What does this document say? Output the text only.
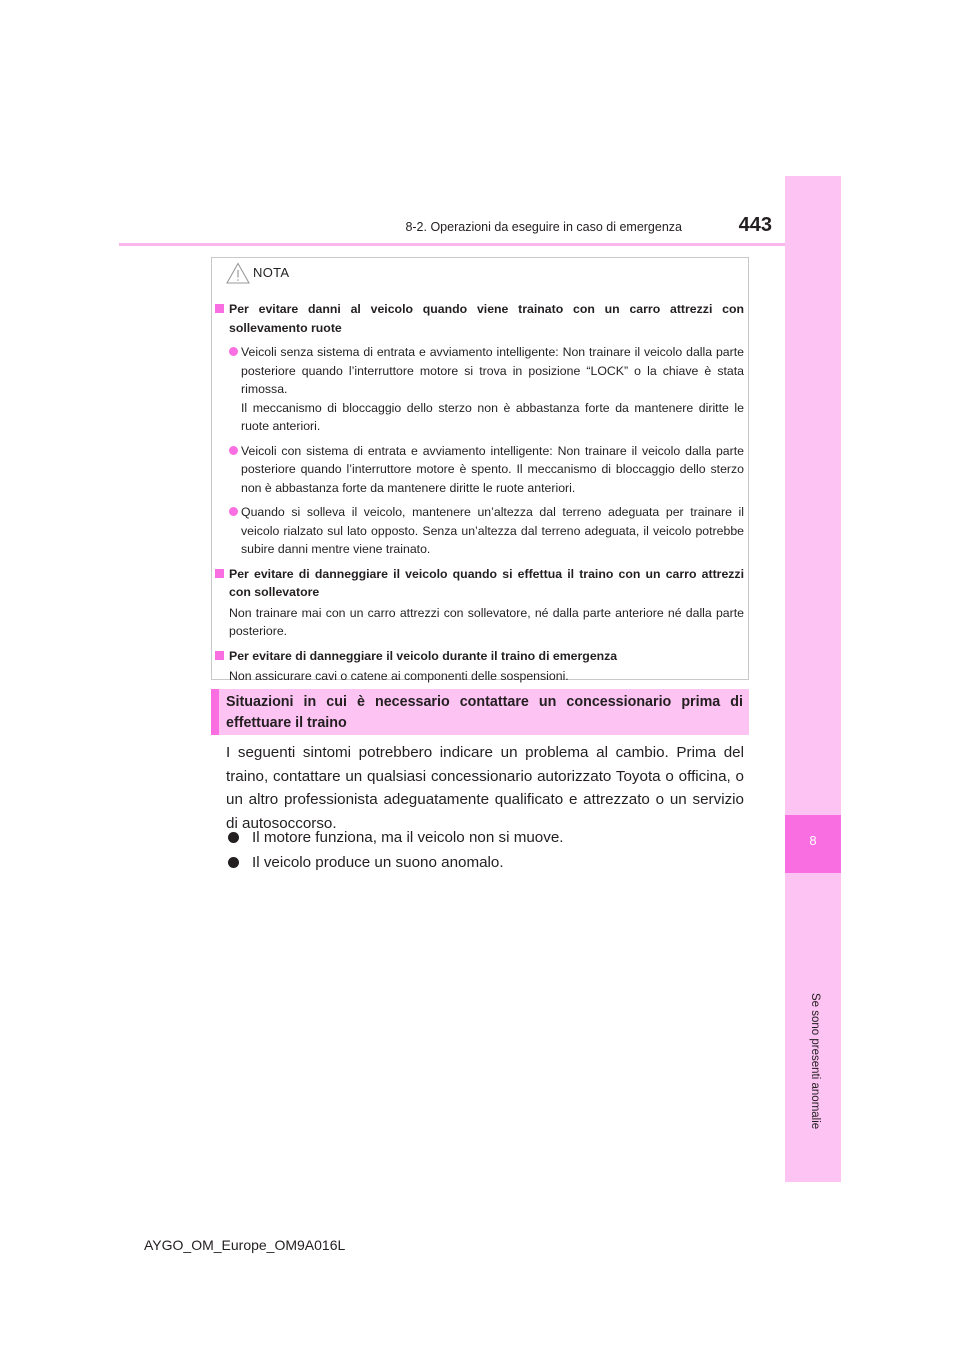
8
Se sono presenti anomalie
8-2. Operazioni da eseguire in caso di emergenza	443
NOTA
Per evitare danni al veicolo quando viene trainato con un carro attrezzi con sollevamento ruote
Veicoli senza sistema di entrata e avviamento intelligente: Non trainare il veicolo dalla parte posteriore quando l’interruttore motore si trova in posizione “LOCK” o la chiave è stata rimossa.
Il meccanismo di bloccaggio dello sterzo non è abbastanza forte da mantenere diritte le ruote anteriori.
Veicoli con sistema di entrata e avviamento intelligente: Non trainare il veicolo dalla parte posteriore quando l’interruttore motore è spento. Il meccanismo di bloccaggio dello sterzo non è abbastanza forte da mantenere diritte le ruote anteriori.
Quando si solleva il veicolo, mantenere un’altezza dal terreno adeguata per trainare il veicolo rialzato sul lato opposto. Senza un’altezza dal terreno adeguata, il veicolo potrebbe subire danni mentre viene trainato.
Per evitare di danneggiare il veicolo quando si effettua il traino con un carro attrezzi con sollevatore
Non trainare mai con un carro attrezzi con sollevatore, né dalla parte anteriore né dalla parte posteriore.
Per evitare di danneggiare il veicolo durante il traino di emergenza
Non assicurare cavi o catene ai componenti delle sospensioni.
Situazioni in cui è necessario contattare un concessionario prima di effettuare il traino
I seguenti sintomi potrebbero indicare un problema al cambio. Prima del traino, contattare un qualsiasi concessionario autorizzato Toyota o officina, o un altro professionista adeguatamente qualificato e attrezzato o un servizio di autosoccorso.
Il motore funziona, ma il veicolo non si muove.
Il veicolo produce un suono anomalo.
AYGO_OM_Europe_OM9A016L
